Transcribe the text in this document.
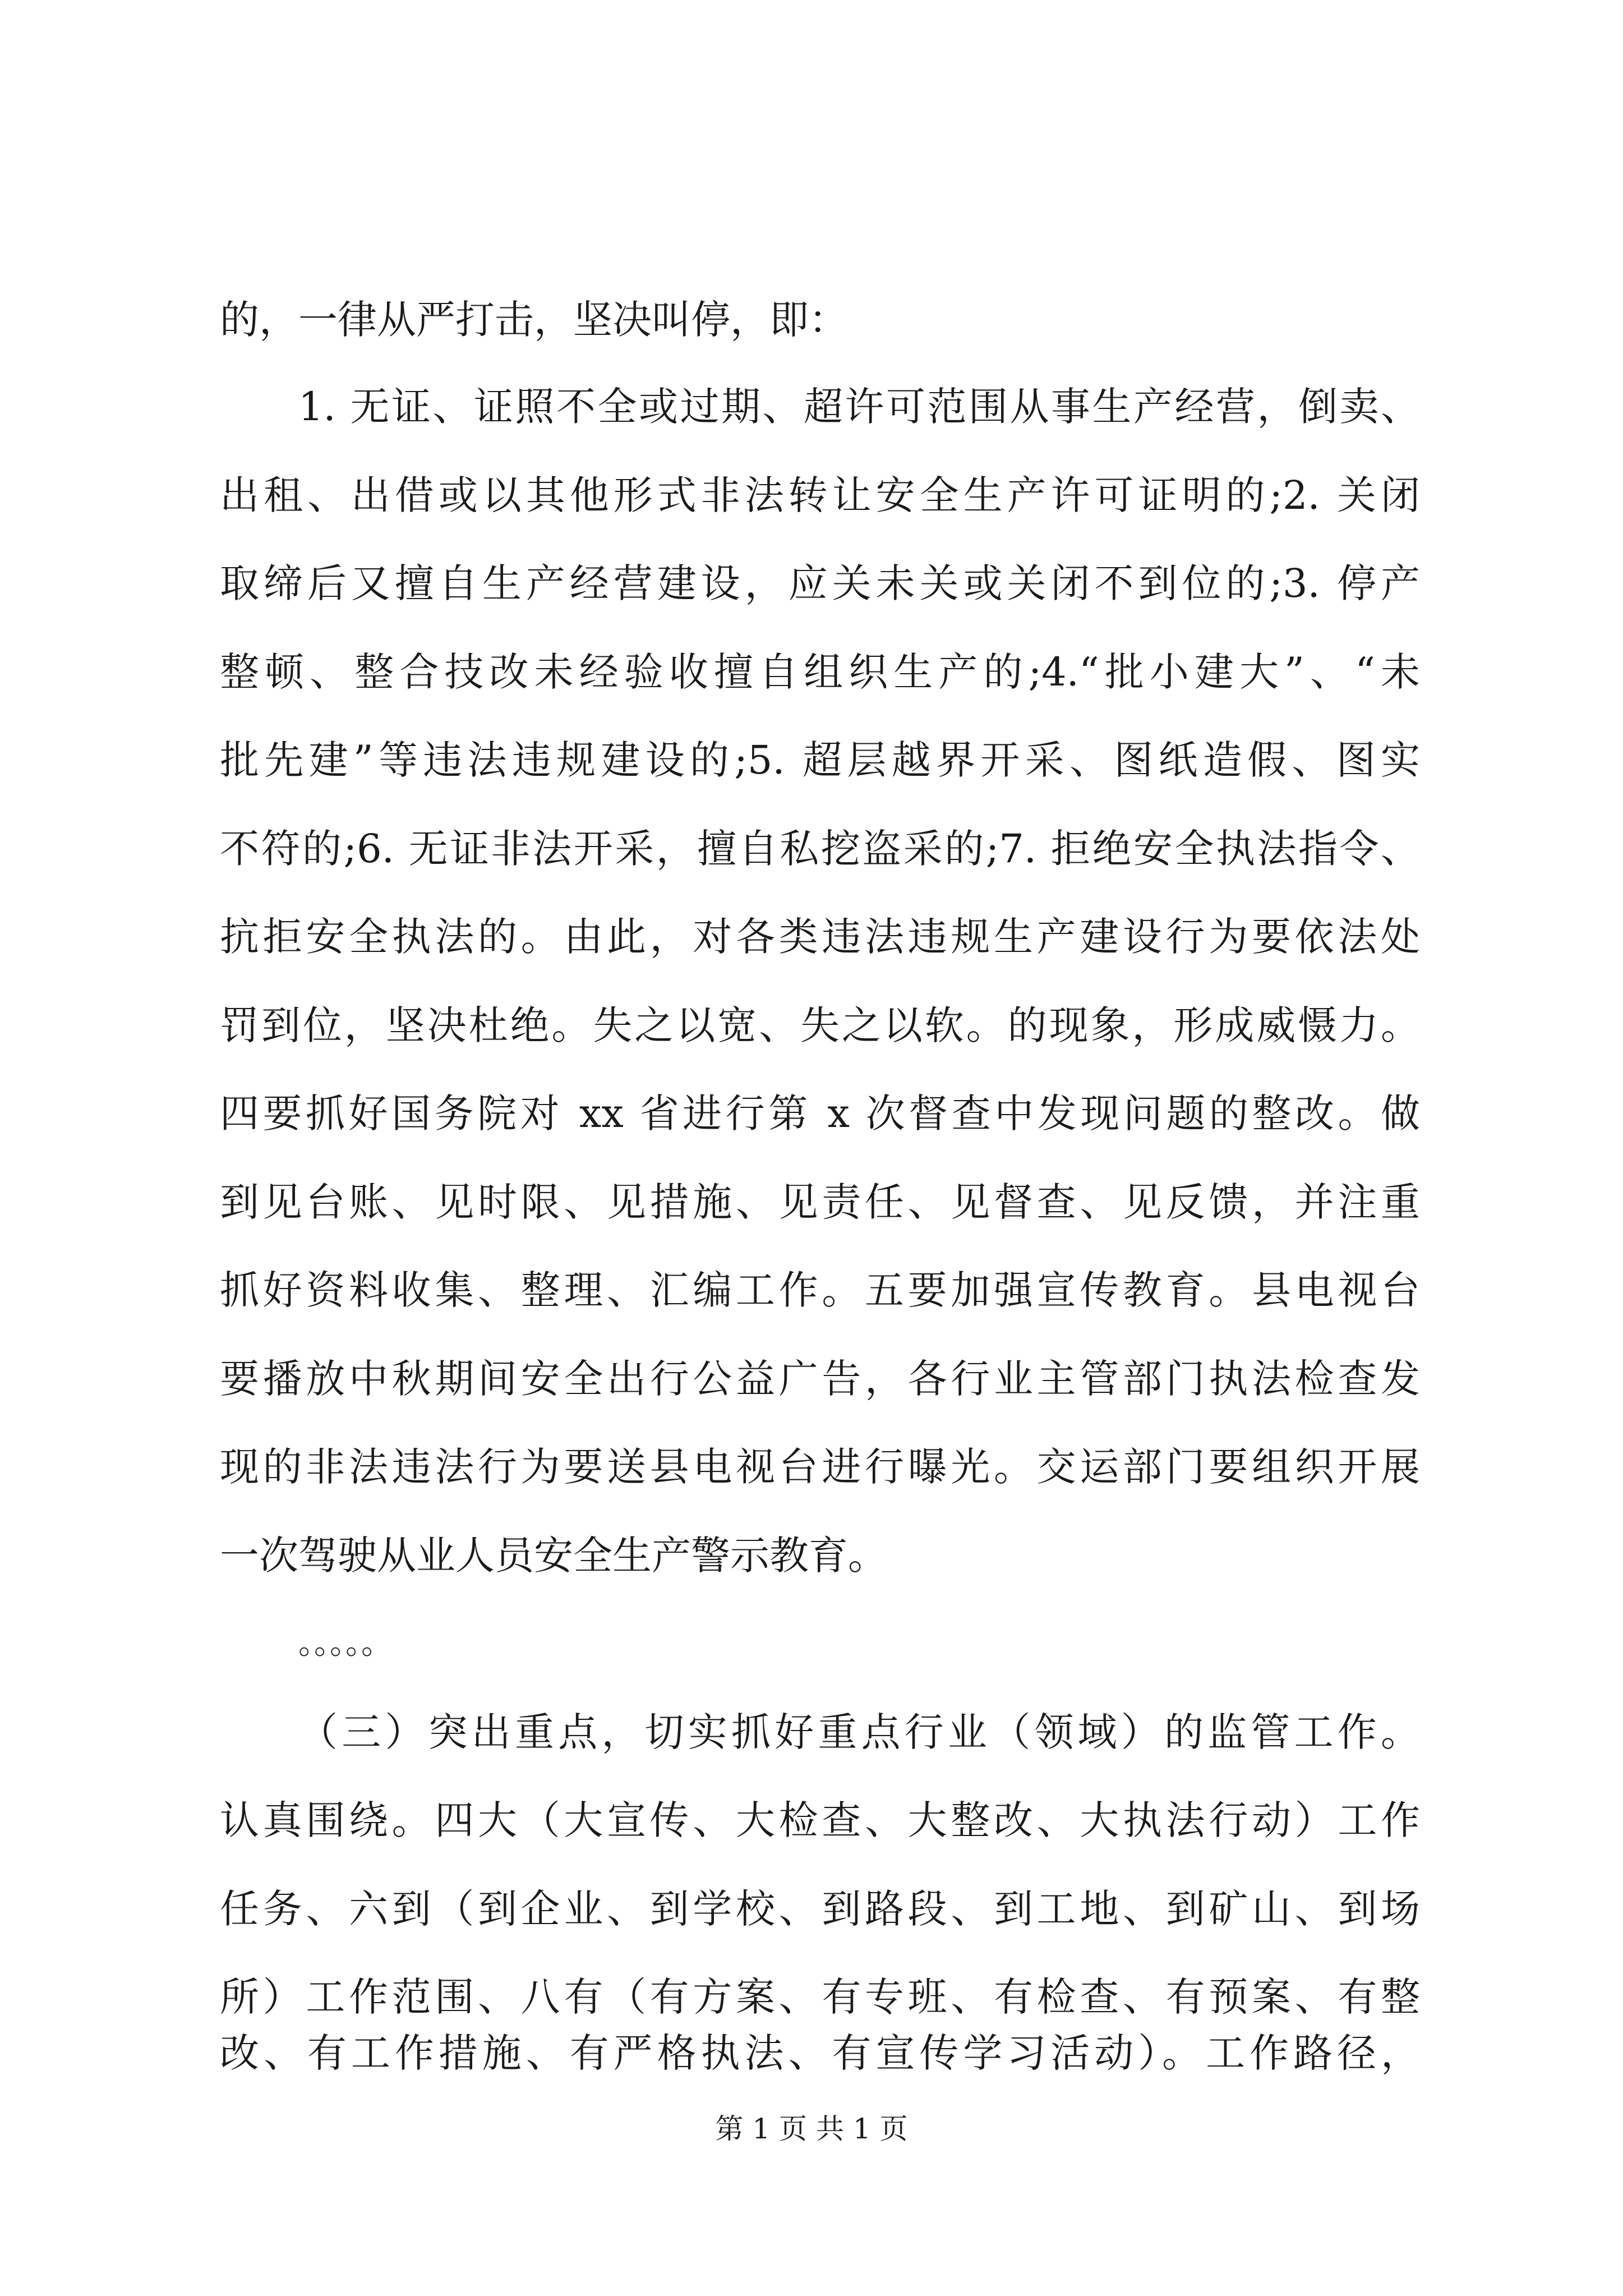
的，一律从严打击，坚决叫停，即：
1. 无证、证照不全或过期、超许可范围从事生产经营，倒卖、
出租、出借或以其他形式非法转让安全生产许可证明的;2. 关闭
取缔后又擅自生产经营建设，应关未关或关闭不到位的;3. 停产
整顿、整合技改未经验收擅自组织生产的;4.“批小建大”、“未
批先建”等违法违规建设的;5. 超层越界开采、图纸造假、图实
不符的;6. 无证非法开采，擅自私挖盗采的;7. 拒绝安全执法指令、
抗拒安全执法的。由此，对各类违法违规生产建设行为要依法处
罚到位，坚决杜绝。失之以宽、失之以软。的现象，形成威慑力。
四要抓好国务院对 xx 省进行第 x 次督查中发现问题的整改。做
到见台账、见时限、见措施、见责任、见督查、见反馈，并注重
抓好资料收集、整理、汇编工作。五要加强宣传教育。县电视台
要播放中秋期间安全出行公益广告，各行业主管部门执法检查发
现的非法违法行为要送县电视台进行曝光。交运部门要组织开展
一次驾驶从业人员安全生产警示教育。
。。。。。
（三）突出重点，切实抓好重点行业（领域）的监管工作。
认真围绕。四大（大宣传、大检查、大整改、大执法行动）工作
任务、六到（到企业、到学校、到路段、到工地、到矿山、到场
所）工作范围、八有（有方案、有专班、有检查、有预案、有整
改、有工作措施、有严格执法、有宣传学习活动）。工作路径，
第 1 页 共 1 页
